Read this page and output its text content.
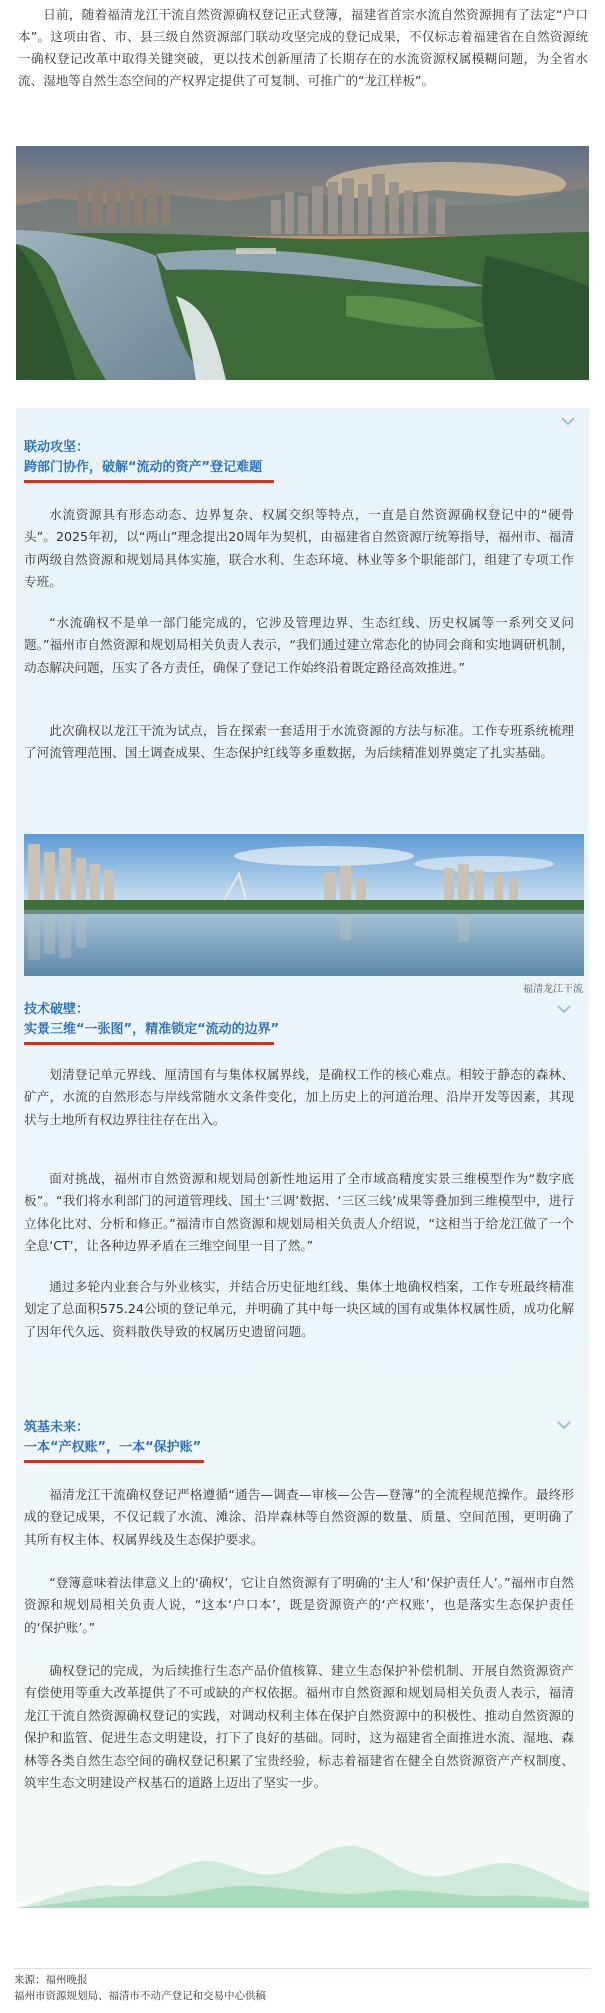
日前，随着福清龙江干流自然资源确权登记正式登簿，福建省首宗水流自然资源拥有了法定“户口本”。这项由省、市、县三级自然资源部门联动攻坚完成的登记成果，不仅标志着福建省在自然资源统一确权登记改革中取得关键突破，更以技术创新厘清了长期存在的水流资源权属模糊问题，为全省水流、湿地等自然生态空间的产权界定提供了可复制、可推广的“龙江样板”。

联动攻坚：
跨部门协作，破解“流动的资产”登记难题

水流资源具有形态动态、边界复杂、权属交织等特点，一直是自然资源确权登记中的“硬骨头”。2025年初，以“两山”理念提出20周年为契机，由福建省自然资源厅统筹指导，福州市、福清市两级自然资源和规划局具体实施，联合水利、生态环境、林业等多个职能部门，组建了专项工作专班。

“水流确权不是单一部门能完成的，它涉及管理边界、生态红线、历史权属等一系列交叉问题。”福州市自然资源和规划局相关负责人表示，“我们通过建立常态化的协同会商和实地调研机制，动态解决问题，压实了各方责任，确保了登记工作始终沿着既定路径高效推进。”

此次确权以龙江干流为试点，旨在探索一套适用于水流资源的方法与标准。工作专班系统梳理了河流管理范围、国土调查成果、生态保护红线等多重数据，为后续精准划界奠定了扎实基础。

福清龙江干流
技术破壁：
实景三维“一张图”，精准锁定“流动的边界”

划清登记单元界线、厘清国有与集体权属界线，是确权工作的核心难点。相较于静态的森林、矿产，水流的自然形态与岸线常随水文条件变化，加上历史上的河道治理、沿岸开发等因素，其现状与土地所有权边界往往存在出入。

面对挑战，福州市自然资源和规划局创新性地运用了全市域高精度实景三维模型作为“数字底板”。“我们将水利部门的河道管理线、国土‘三调’数据、‘三区三线’成果等叠加到三维模型中，进行立体化比对、分析和修正。”福清市自然资源和规划局相关负责人介绍说，“这相当于给龙江做了一个全息‘CT’，让各种边界矛盾在三维空间里一目了然。”

通过多轮内业套合与外业核实，并结合历史征地红线、集体土地确权档案，工作专班最终精准划定了总面积575.24公顷的登记单元，并明确了其中每一块区域的国有或集体权属性质，成功化解了因年代久远、资料散佚导致的权属历史遗留问题。

筑基未来：
一本“产权账”，一本“保护账”

福清龙江干流确权登记严格遵循“通告—调查—审核—公告—登簿”的全流程规范操作。最终形成的登记成果，不仅记载了水流、滩涂、沿岸森林等自然资源的数量、质量、空间范围，更明确了其所有权主体、权属界线及生态保护要求。

“登簿意味着法律意义上的‘确权’，它让自然资源有了明确的‘主人’和‘保护责任人’。”福州市自然资源和规划局相关负责人说，“这本‘户口本’，既是资源资产的‘产权账’，也是落实生态保护责任的‘保护账’。”

确权登记的完成，为后续推行生态产品价值核算、建立生态保护补偿机制、开展自然资源资产有偿使用等重大改革提供了不可或缺的产权依据。福州市自然资源和规划局相关负责人表示，福清龙江干流自然资源确权登记的实践，对调动权利主体在保护自然资源中的积极性、推动自然资源的保护和监管、促进生态文明建设，打下了良好的基础。同时，这为福建省全面推进水流、湿地、森林等各类自然生态空间的确权登记积累了宝贵经验，标志着福建省在健全自然资源资产产权制度、筑牢生态文明建设产权基石的道路上迈出了坚实一步。

来源：福州晚报
福州市资源规划局、福清市不动产登记和交易中心供稿
